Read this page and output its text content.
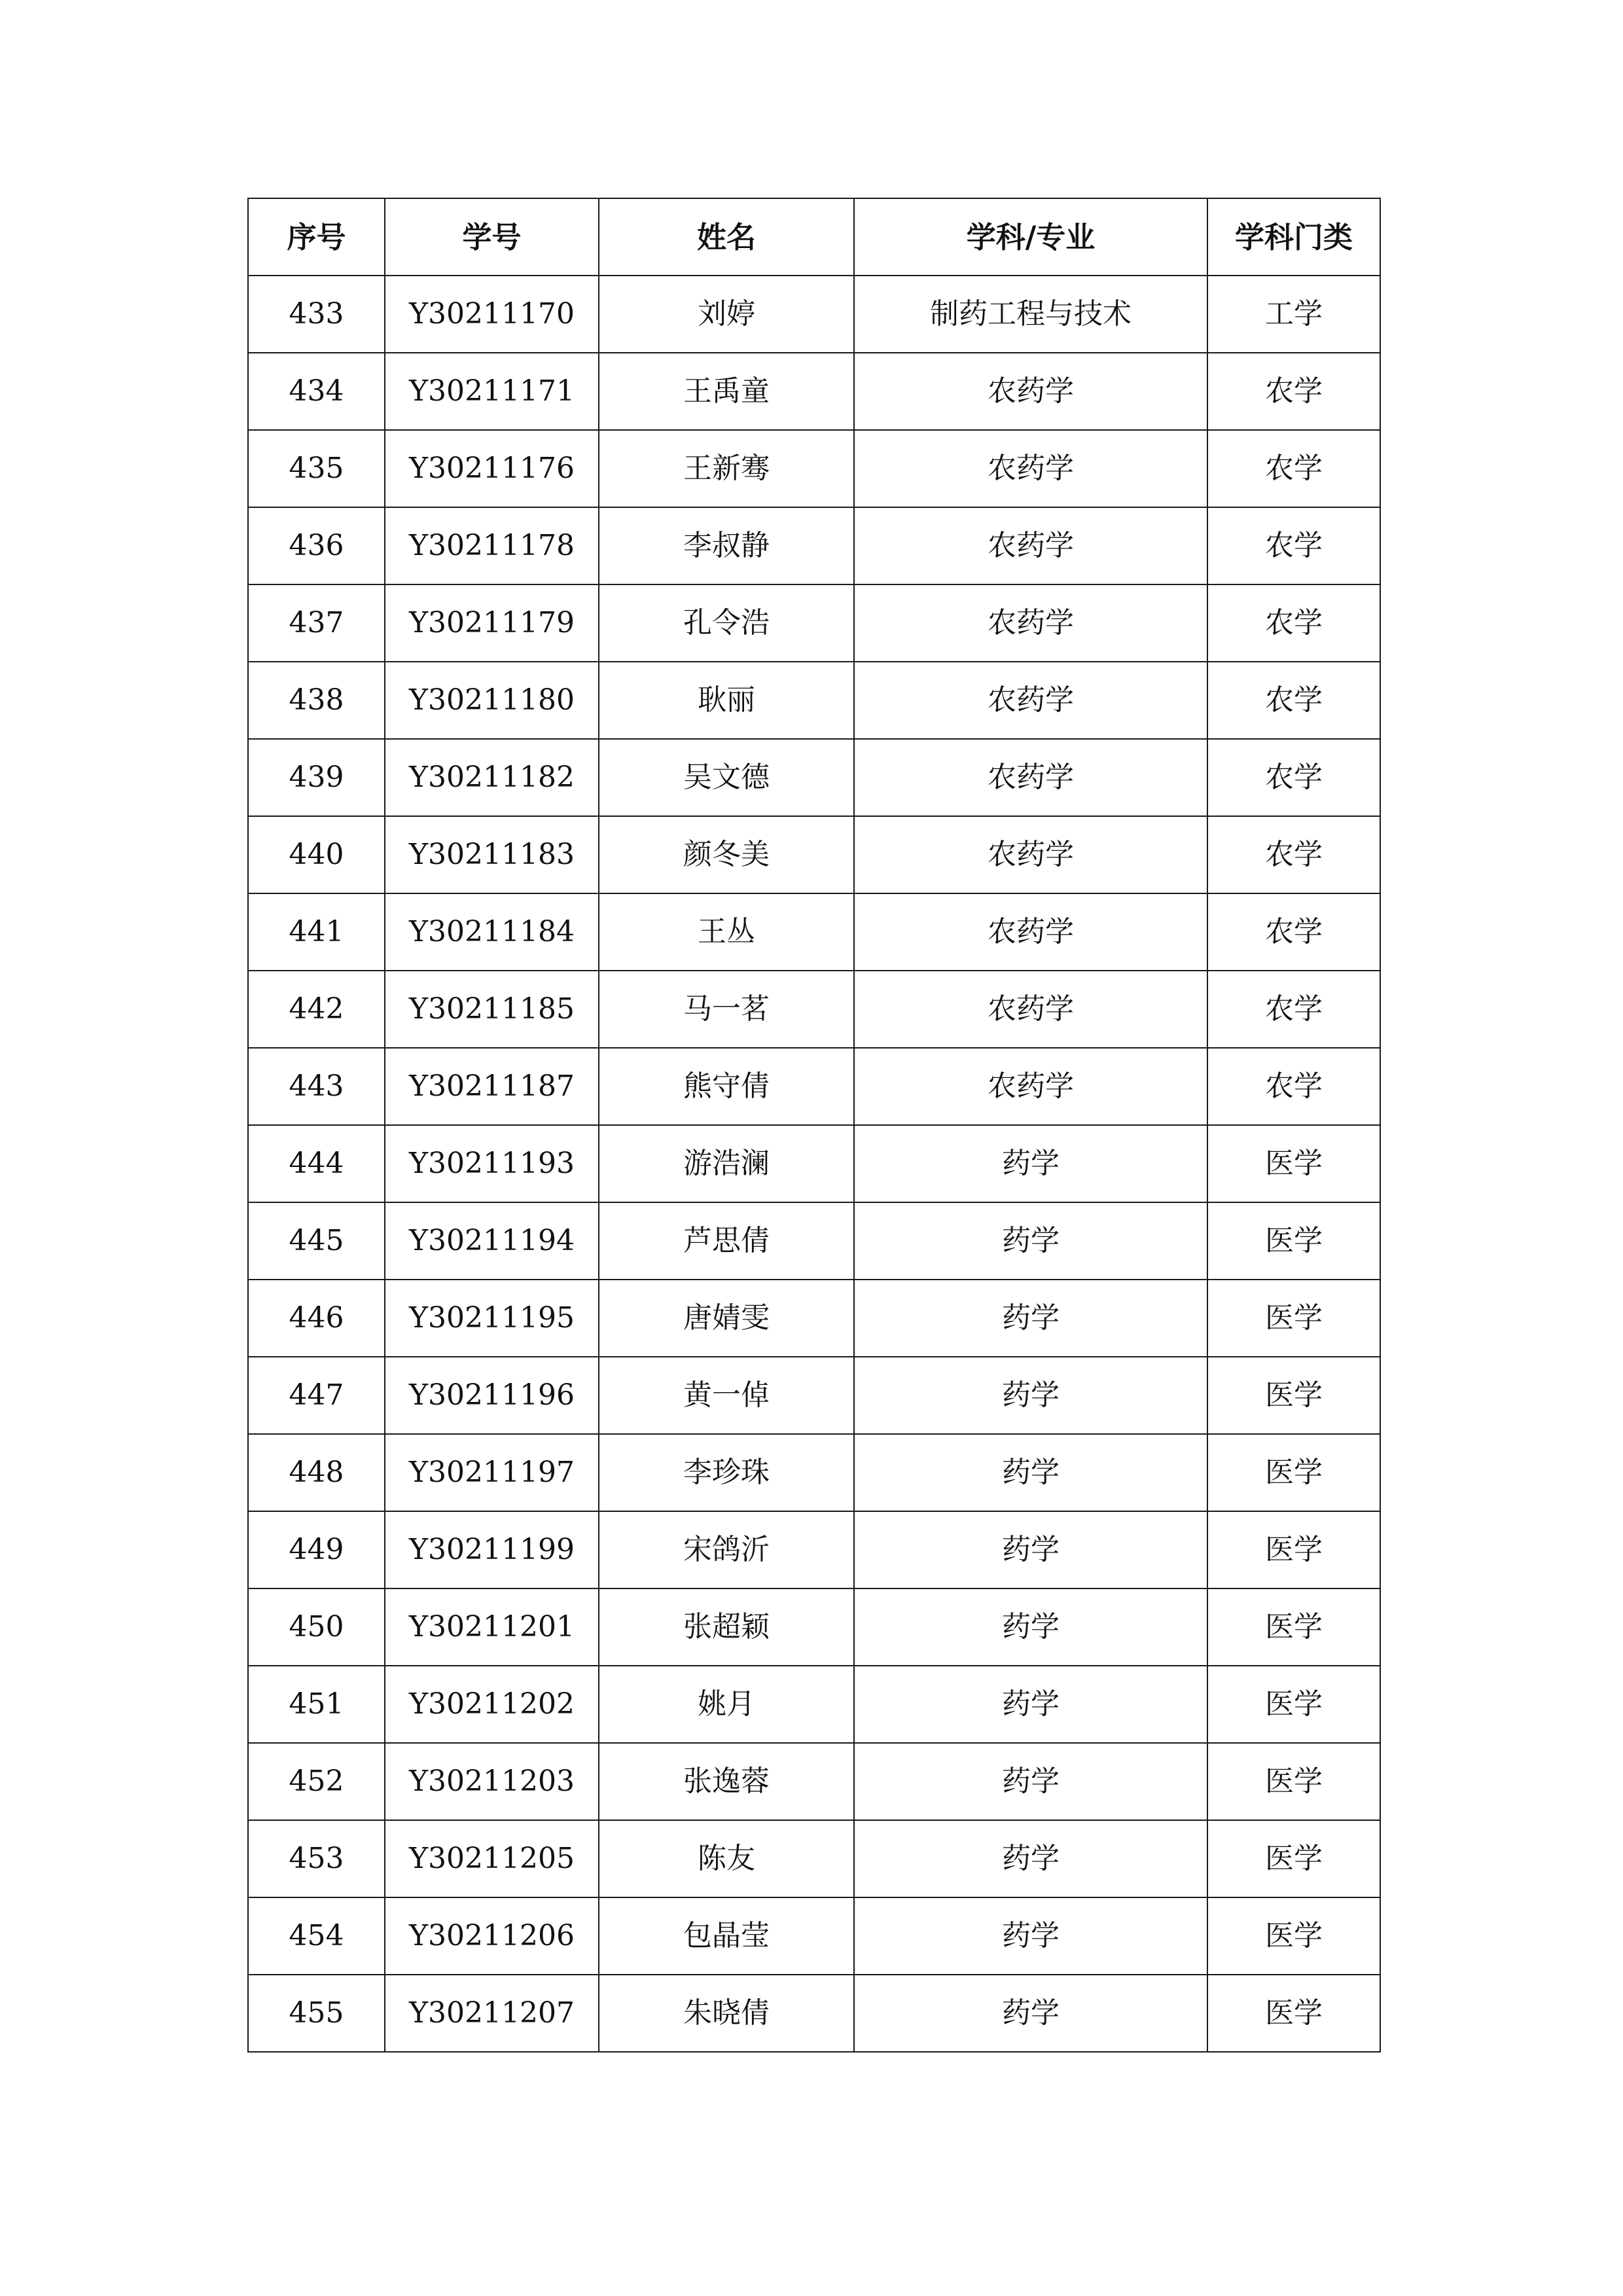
序号	学号	姓名	学科/专业	学科门类
433	Y30211170	刘婷	制药工程与技术	工学
434	Y30211171	王禹童	农药学	农学
435	Y30211176	王新骞	农药学	农学
436	Y30211178	李叔静	农药学	农学
437	Y30211179	孔令浩	农药学	农学
438	Y30211180	耿丽	农药学	农学
439	Y30211182	吴文德	农药学	农学
440	Y30211183	颜冬美	农药学	农学
441	Y30211184	王丛	农药学	农学
442	Y30211185	马一茗	农药学	农学
443	Y30211187	熊守倩	农药学	农学
444	Y30211193	游浩澜	药学	医学
445	Y30211194	芦思倩	药学	医学
446	Y30211195	唐婧雯	药学	医学
447	Y30211196	黄一倬	药学	医学
448	Y30211197	李珍珠	药学	医学
449	Y30211199	宋鸽沂	药学	医学
450	Y30211201	张超颖	药学	医学
451	Y30211202	姚月	药学	医学
452	Y30211203	张逸蓉	药学	医学
453	Y30211205	陈友	药学	医学
454	Y30211206	包晶莹	药学	医学
455	Y30211207	朱晓倩	药学	医学
